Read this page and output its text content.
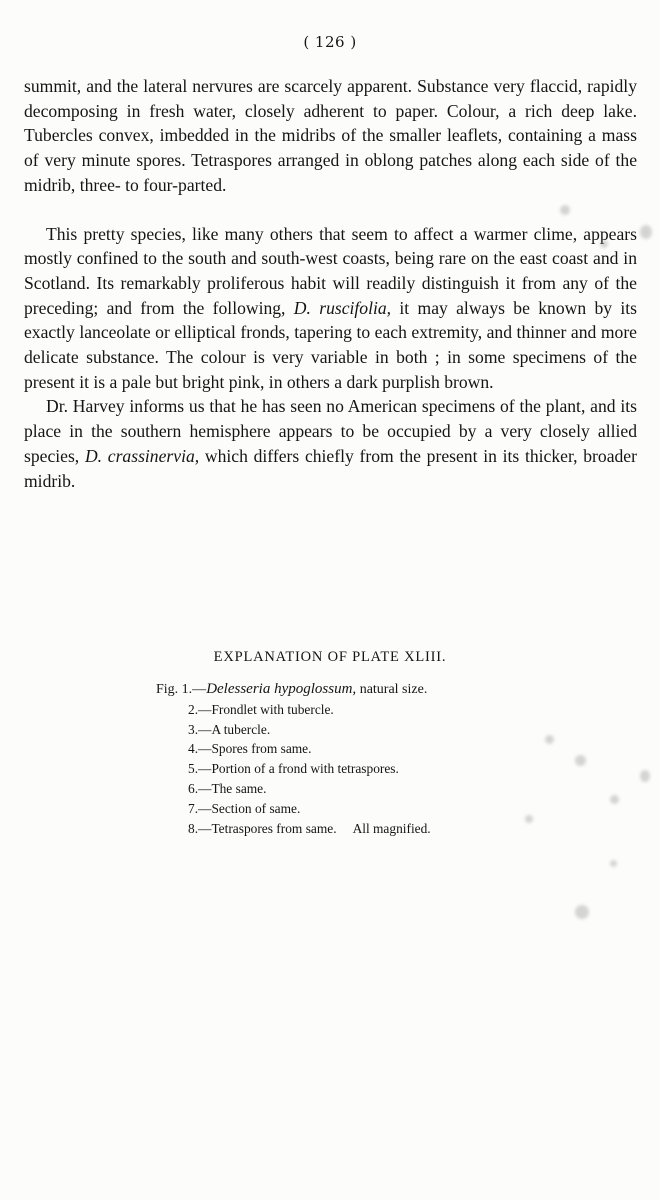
( 126 )

summit, and the lateral nervures are scarcely apparent. Substance very flaccid, rapidly decomposing in fresh water, closely adherent to paper. Colour, a rich deep lake. Tubercles convex, imbedded in the midribs of the smaller leaflets, containing a mass of very minute spores. Tetraspores arranged in oblong patches along each side of the midrib, three- to four-parted.

This pretty species, like many others that seem to affect a warmer clime, appears mostly confined to the south and south-west coasts, being rare on the east coast and in Scotland. Its remarkably proliferous habit will readily distinguish it from any of the preceding; and from the following, D. ruscifolia, it may always be known by its exactly lanceolate or elliptical fronds, tapering to each extremity, and thinner and more delicate substance. The colour is very variable in both ; in some specimens of the present it is a pale but bright pink, in others a dark purplish brown.

Dr. Harvey informs us that he has seen no American specimens of the plant, and its place in the southern hemisphere appears to be occupied by a very closely allied species, D. crassinervia, which differs chiefly from the present in its thicker, broader midrib.

EXPLANATION OF PLATE XLIII.
Fig. 1.—Delesseria hypoglossum, natural size.
2.—Frondlet with tubercle.
3.—A tubercle.
4.—Spores from same.
5.—Portion of a frond with tetraspores.
6.—The same.
7.—Section of same.
8.—Tetraspores from same. All magnified.
